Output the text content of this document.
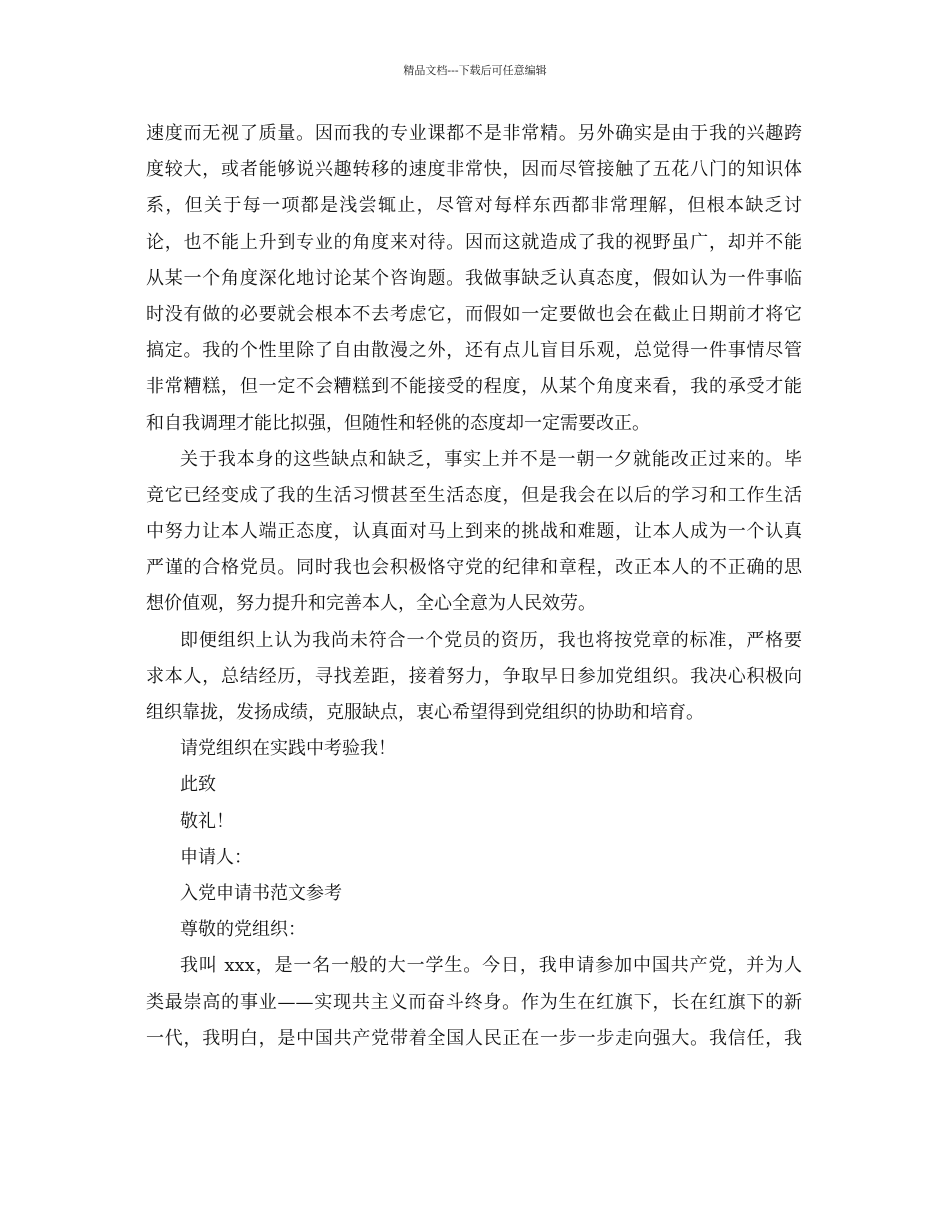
精品文档---下载后可任意编辑
速度而无视了质量。因而我的专业课都不是非常精。另外确实是由于我的兴趣跨
度较大，或者能够说兴趣转移的速度非常快，因而尽管接触了五花八门的知识体
系，但关于每一项都是浅尝辄止，尽管对每样东西都非常理解，但根本缺乏讨
论，也不能上升到专业的角度来对待。因而这就造成了我的视野虽广，却并不能
从某一个角度深化地讨论某个咨询题。我做事缺乏认真态度，假如认为一件事临
时没有做的必要就会根本不去考虑它，而假如一定要做也会在截止日期前才将它
搞定。我的个性里除了自由散漫之外，还有点儿盲目乐观，总觉得一件事情尽管
非常糟糕，但一定不会糟糕到不能接受的程度，从某个角度来看，我的承受才能
和自我调理才能比拟强，但随性和轻佻的态度却一定需要改正。
关于我本身的这些缺点和缺乏，事实上并不是一朝一夕就能改正过来的。毕
竟它已经变成了我的生活习惯甚至生活态度，但是我会在以后的学习和工作生活
中努力让本人端正态度，认真面对马上到来的挑战和难题，让本人成为一个认真
严谨的合格党员。同时我也会积极恪守党的纪律和章程，改正本人的不正确的思
想价值观，努力提升和完善本人，全心全意为人民效劳。
即便组织上认为我尚未符合一个党员的资历，我也将按党章的标准，严格要
求本人，总结经历，寻找差距，接着努力，争取早日参加党组织。我决心积极向
组织靠拢，发扬成绩，克服缺点，衷心希望得到党组织的协助和培育。
请党组织在实践中考验我！
此致
敬礼！
申请人：
入党申请书范文参考
尊敬的党组织：
我叫 xxx，是一名一般的大一学生。今日，我申请参加中国共产党，并为人
类最崇高的事业——实现共主义而奋斗终身。作为生在红旗下，长在红旗下的新
一代，我明白，是中国共产党带着全国人民正在一步一步走向强大。我信任，我
